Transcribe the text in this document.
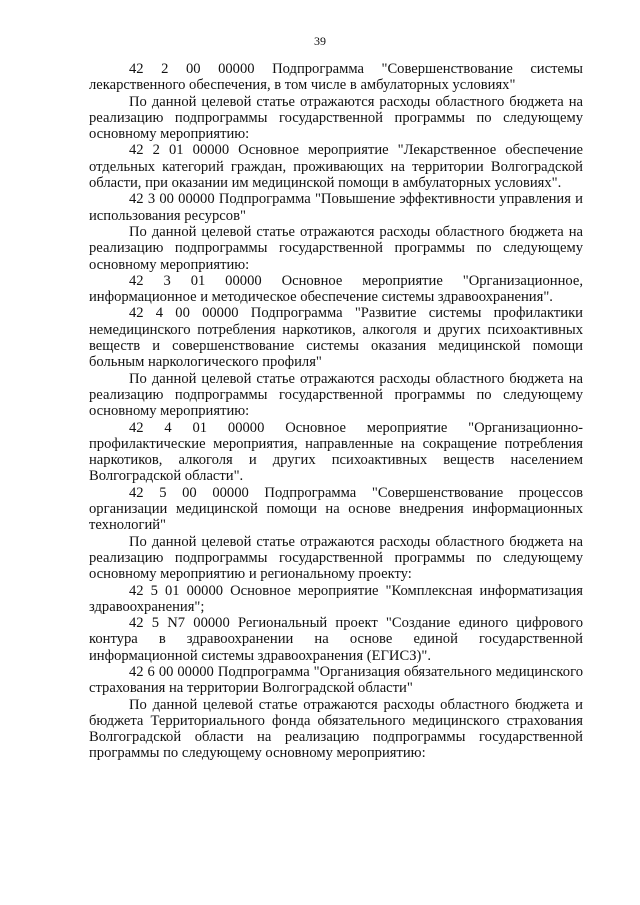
39

42 2 00 00000 Подпрограмма "Совершенствование системы лекарственного обеспечения, в том числе в амбулаторных условиях"

По данной целевой статье отражаются расходы областного бюджета на реализацию подпрограммы государственной программы по следующему основному мероприятию:

42 2 01 00000 Основное мероприятие "Лекарственное обеспечение отдельных категорий граждан, проживающих на территории Волгоградской области, при оказании им медицинской помощи в амбулаторных условиях".

42 3 00 00000 Подпрограмма "Повышение эффективности управления и использования ресурсов"

По данной целевой статье отражаются расходы областного бюджета на реализацию подпрограммы государственной программы по следующему основному мероприятию:

42 3 01 00000 Основное мероприятие "Организационное, информационное и методическое обеспечение системы здравоохранения".

42 4 00 00000 Подпрограмма "Развитие системы профилактики немедицинского потребления наркотиков, алкоголя и других психоактивных веществ и совершенствование системы оказания медицинской помощи больным наркологического профиля"

По данной целевой статье отражаются расходы областного бюджета на реализацию подпрограммы государственной программы по следующему основному мероприятию:

42 4 01 00000 Основное мероприятие "Организационно-профилактические мероприятия, направленные на сокращение потребления наркотиков, алкоголя и других психоактивных веществ населением Волгоградской области".

42 5 00 00000 Подпрограмма "Совершенствование процессов организации медицинской помощи на основе внедрения информационных технологий"

По данной целевой статье отражаются расходы областного бюджета на реализацию подпрограммы государственной программы по следующему основному мероприятию и региональному проекту:

42 5 01 00000 Основное мероприятие "Комплексная информатизация здравоохранения";

42 5 N7 00000 Региональный проект "Создание единого цифрового контура в здравоохранении на основе единой государственной информационной системы здравоохранения (ЕГИСЗ)".

42 6 00 00000 Подпрограмма "Организация обязательного медицинского страхования на территории Волгоградской области"

По данной целевой статье отражаются расходы областного бюджета и бюджета Территориального фонда обязательного медицинского страхования Волгоградской области на реализацию подпрограммы государственной программы по следующему основному мероприятию:
